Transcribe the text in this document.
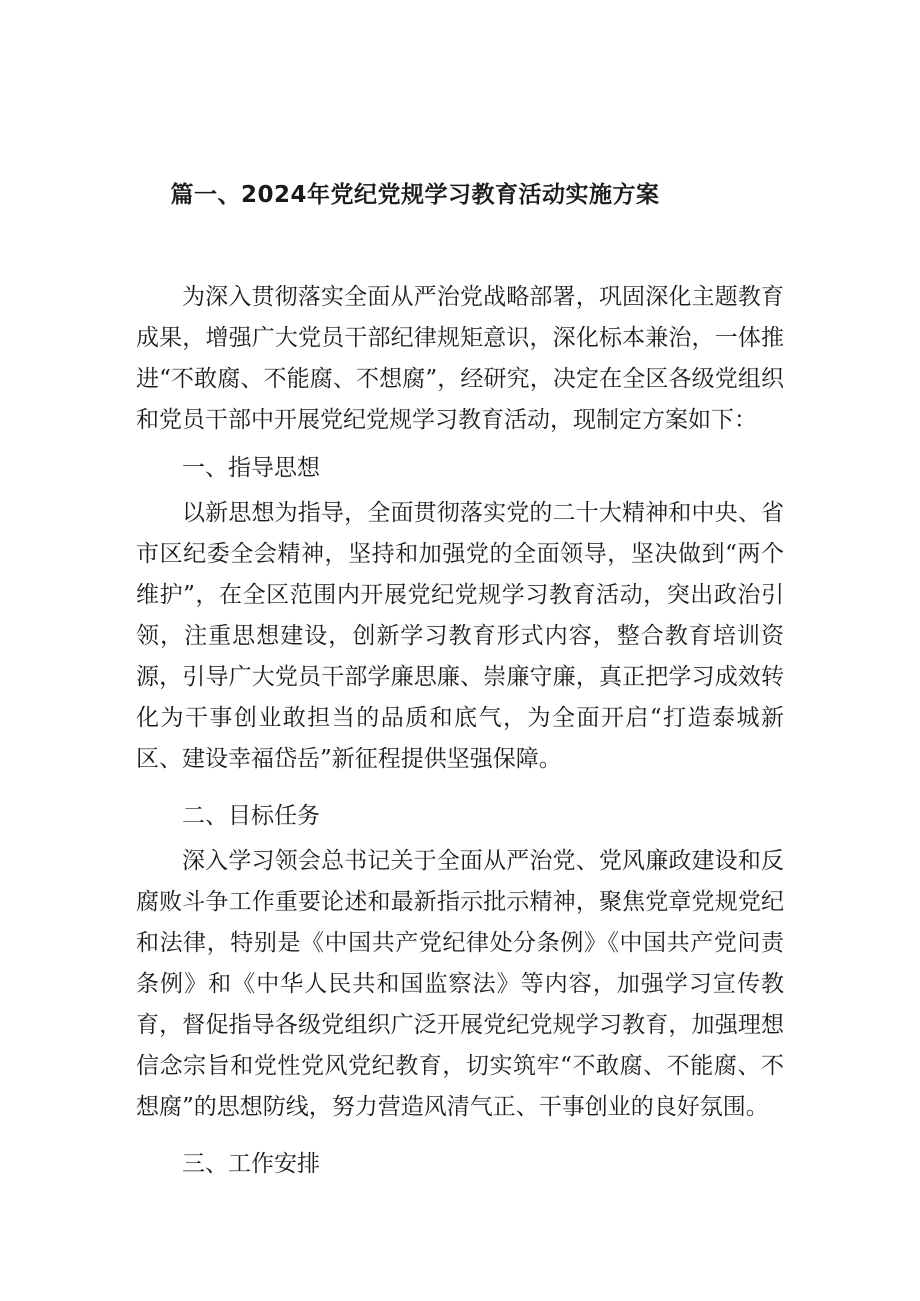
篇一、2024年党纪党规学习教育活动实施方案

为深入贯彻落实全面从严治党战略部署，巩固深化主题教育成果，增强广大党员干部纪律规矩意识，深化标本兼治，一体推进“不敢腐、不能腐、不想腐”，经研究，决定在全区各级党组织和党员干部中开展党纪党规学习教育活动，现制定方案如下：

一、指导思想

以新思想为指导，全面贯彻落实党的二十大精神和中央、省市区纪委全会精神，坚持和加强党的全面领导，坚决做到“两个维护”，在全区范围内开展党纪党规学习教育活动，突出政治引领，注重思想建设，创新学习教育形式内容，整合教育培训资源，引导广大党员干部学廉思廉、崇廉守廉，真正把学习成效转化为干事创业敢担当的品质和底气，为全面开启“打造泰城新区、建设幸福岱岳”新征程提供坚强保障。

二、目标任务

深入学习领会总书记关于全面从严治党、党风廉政建设和反腐败斗争工作重要论述和最新指示批示精神，聚焦党章党规党纪和法律，特别是《中国共产党纪律处分条例》《中国共产党问责条例》和《中华人民共和国监察法》等内容，加强学习宣传教育，督促指导各级党组织广泛开展党纪党规学习教育，加强理想信念宗旨和党性党风党纪教育，切实筑牢“不敢腐、不能腐、不想腐”的思想防线，努力营造风清气正、干事创业的良好氛围。

三、工作安排
